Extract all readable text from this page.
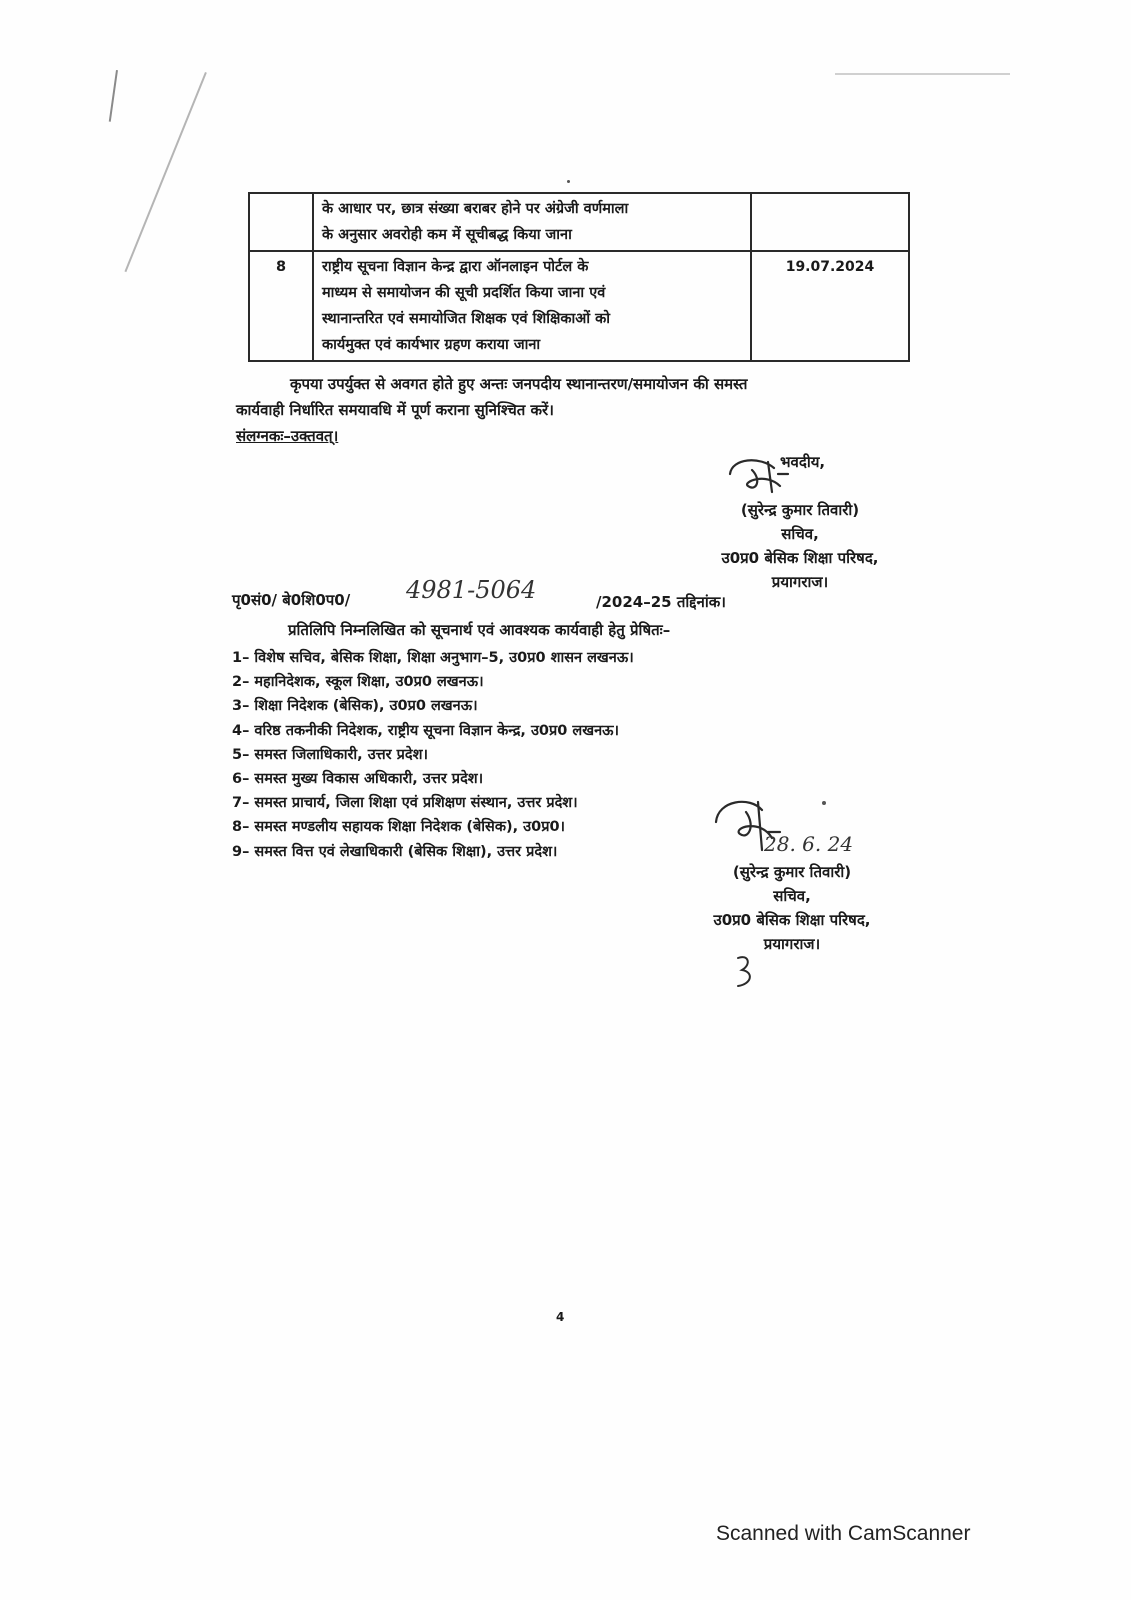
	के आधार पर, छात्र संख्या बराबर होने पर अंग्रेजी वर्णमाला
के अनुसार अवरोही कम में सूचीबद्ध किया जाना	

8	राष्ट्रीय सूचना विज्ञान केन्द्र द्वारा ऑनलाइन पोर्टल के
माध्यम से समायोजन की सूची प्रदर्शित किया जाना एवं
स्थानान्तरित एवं समायोजित शिक्षक एवं शिक्षिकाओं को
कार्यमुक्त एवं कार्यभार ग्रहण कराया जाना	19.07.2024
कृपया उपर्युक्त से अवगत होते हुए अन्तः जनपदीय स्थानान्तरण/समायोजन की समस्त
कार्यवाही निर्धारित समयावधि में पूर्ण कराना सुनिश्चित करें।
संलग्नकः–उक्तवत्।
भवदीय,
(सुरेन्द्र कुमार तिवारी)
सचिव,
उ0प्र0 बेसिक शिक्षा परिषद,
प्रयागराज।
पृ0सं0/ बे0शि0प0/ 4981-5064	/2024–25 तद्दिनांक।
प्रतिलिपि निम्नलिखित को सूचनार्थ एवं आवश्यक कार्यवाही हेतु प्रेषितः–
1– विशेष सचिव, बेसिक शिक्षा, शिक्षा अनुभाग–5, उ0प्र0 शासन लखनऊ।
2– महानिदेशक, स्कूल शिक्षा, उ0प्र0 लखनऊ।
3– शिक्षा निदेशक (बेसिक), उ0प्र0 लखनऊ।
4– वरिष्ठ तकनीकी निदेशक, राष्ट्रीय सूचना विज्ञान केन्द्र, उ0प्र0 लखनऊ।
5– समस्त जिलाधिकारी, उत्तर प्रदेश।
6– समस्त मुख्य विकास अधिकारी, उत्तर प्रदेश।
7– समस्त प्राचार्य, जिला शिक्षा एवं प्रशिक्षण संस्थान, उत्तर प्रदेश।
8– समस्त मण्डलीय सहायक शिक्षा निदेशक (बेसिक), उ0प्र0।
9– समस्त वित्त एवं लेखाधिकारी (बेसिक शिक्षा), उत्तर प्रदेश।	28. 6. 24
(सुरेन्द्र कुमार तिवारी)
सचिव,
उ0प्र0 बेसिक शिक्षा परिषद,
प्रयागराज।
4
Scanned with CamScanner
